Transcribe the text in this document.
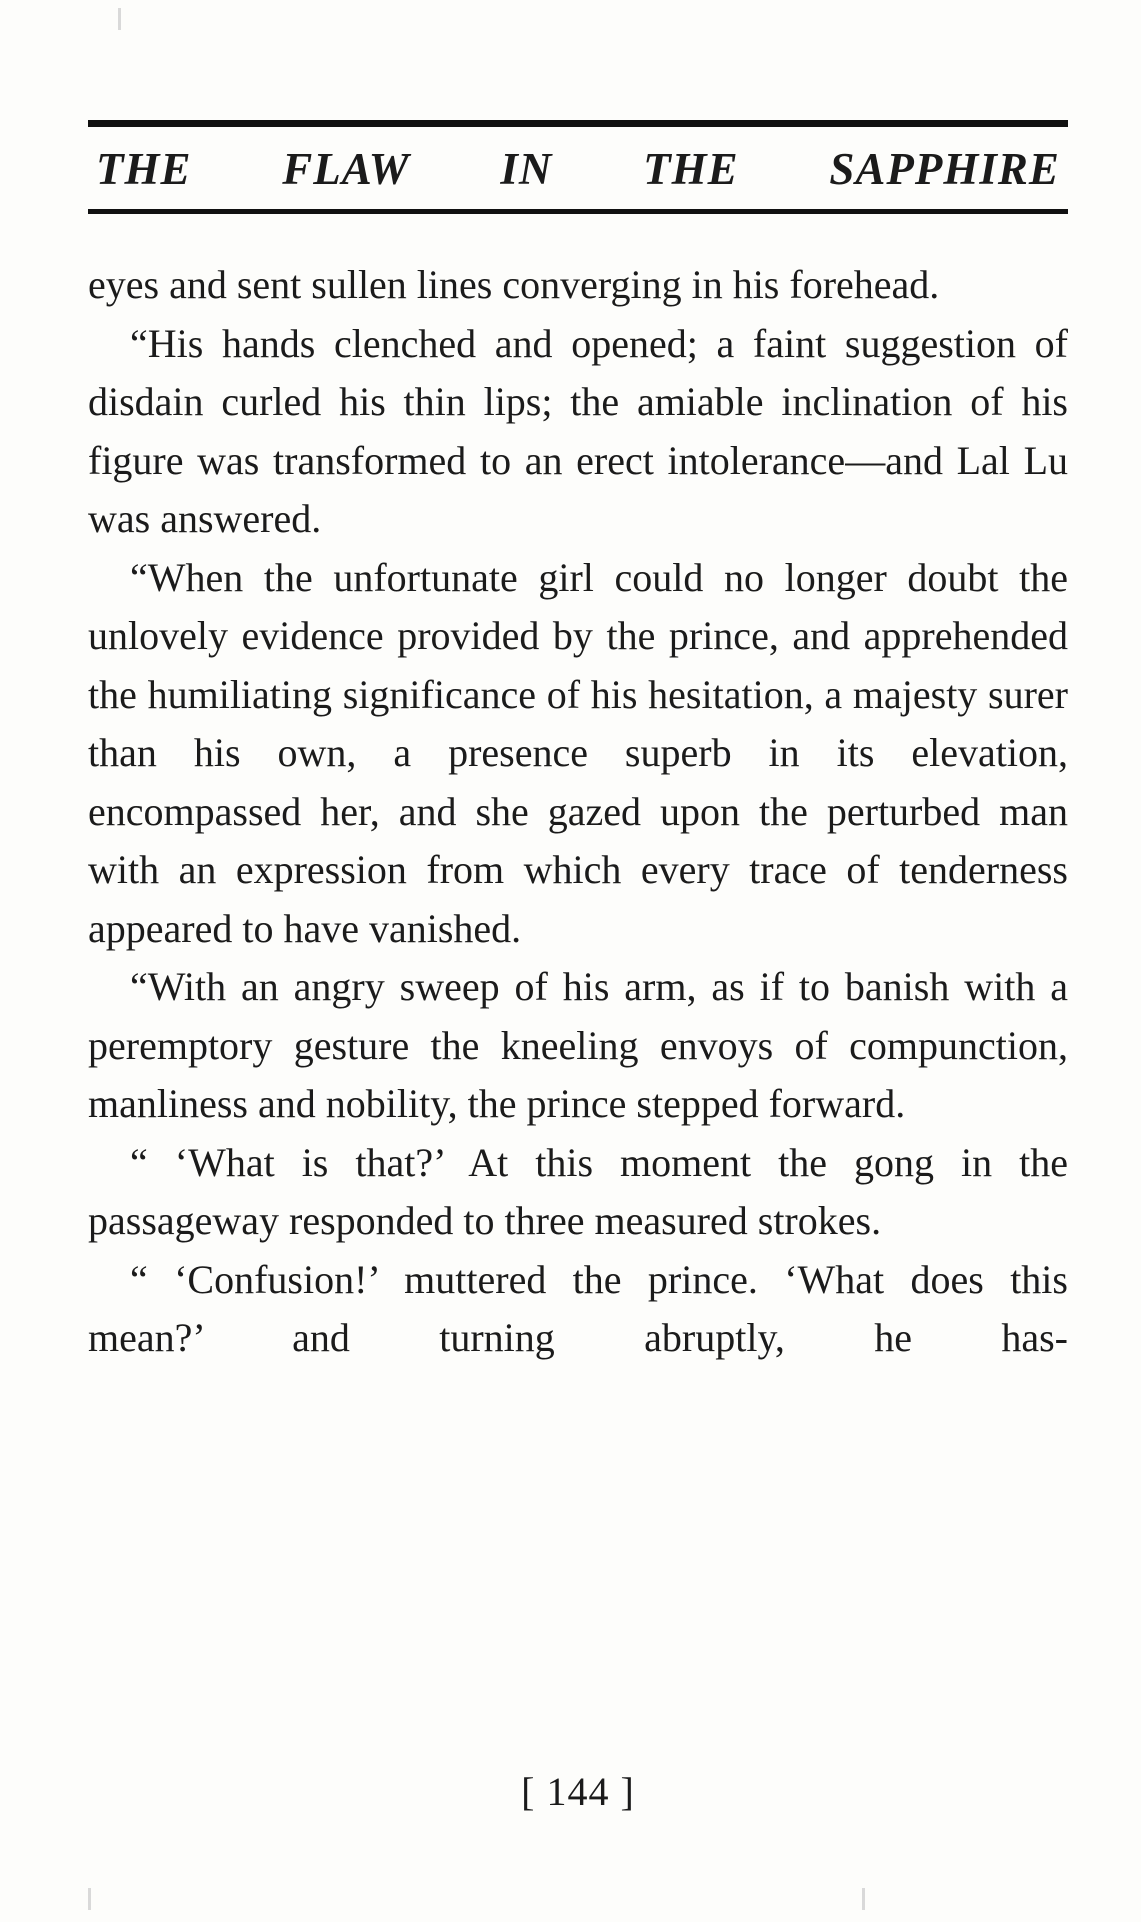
THE FLAW IN THE SAPPHIRE

eyes and sent sullen lines converging in his forehead.

“His hands clenched and opened; a faint suggestion of disdain curled his thin lips; the amiable inclination of his figure was transformed to an erect intolerance—and Lal Lu was answered.

“When the unfortunate girl could no longer doubt the unlovely evidence provided by the prince, and apprehended the humiliating significance of his hesitation, a majesty surer than his own, a presence superb in its elevation, encompassed her, and she gazed upon the perturbed man with an expression from which every trace of tenderness appeared to have vanished.

“With an angry sweep of his arm, as if to banish with a peremptory gesture the kneeling envoys of compunction, manliness and nobility, the prince stepped forward.

“ ‘What is that?’ At this moment the gong in the passageway responded to three measured strokes.

“ ‘Confusion!’ muttered the prince. ‘What does this mean?’ and turning abruptly, he has-

[ 144 ]
